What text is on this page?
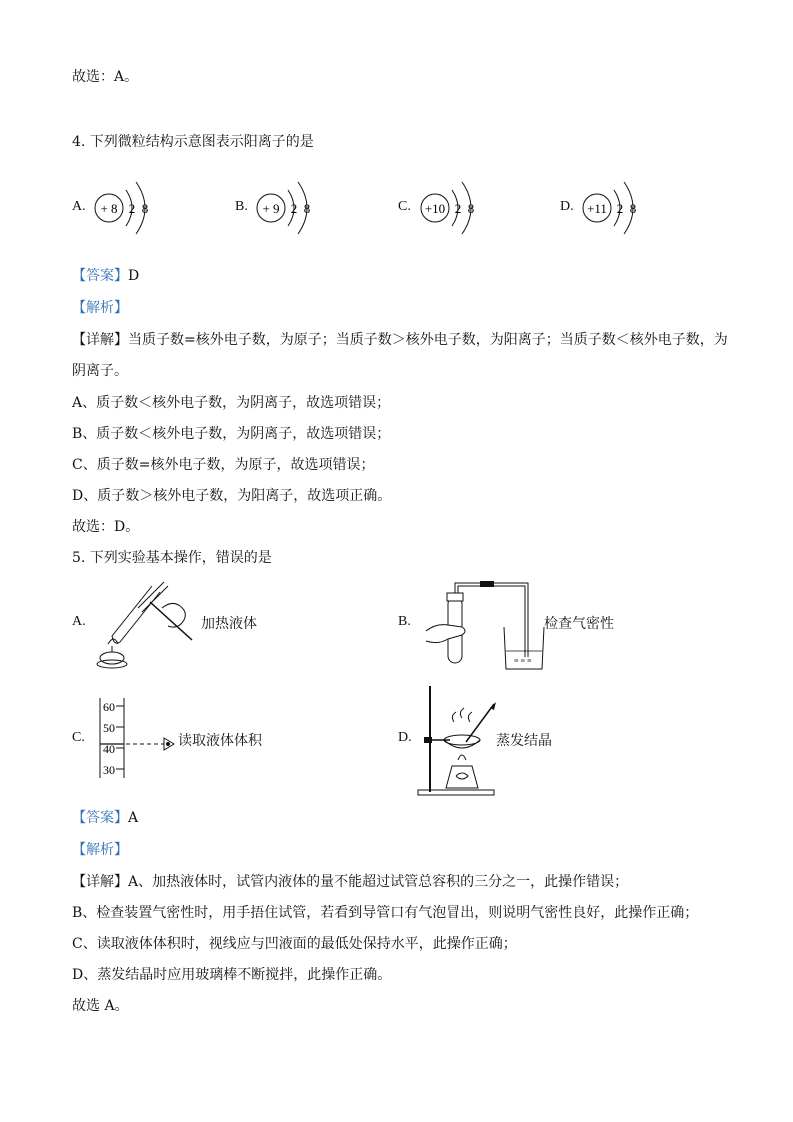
故选：A。
4. 下列微粒结构示意图表示阳离子的是
A. + 8 2 8	B. + 9 2 8	C. +10 2 8	D. +11 2 8
【答案】D
【解析】
【详解】当质子数=核外电子数，为原子；当质子数＞核外电子数，为阳离子；当质子数＜核外电子数，为
阴离子。
A、质子数＜核外电子数，为阴离子，故选项错误；
B、质子数＜核外电子数，为阴离子，故选项错误；
C、质子数=核外电子数，为原子，故选项错误；
D、质子数＞核外电子数，为阳离子，故选项正确。
故选：D。
5. 下列实验基本操作，错误的是
A.	加热液体	B.
≡ ≡ ≡
检查气密性
C.
60
50
40
30
读取液体体积	D.	蒸发结晶
【答案】A
【解析】
【详解】A、加热液体时，试管内液体的量不能超过试管总容积的三分之一，此操作错误；
B、检查装置气密性时，用手捂住试管，若看到导管口有气泡冒出，则说明气密性良好，此操作正确；
C、读取液体体积时，视线应与凹液面的最低处保持水平，此操作正确；
D、蒸发结晶时应用玻璃棒不断搅拌，此操作正确。
故选 A。
